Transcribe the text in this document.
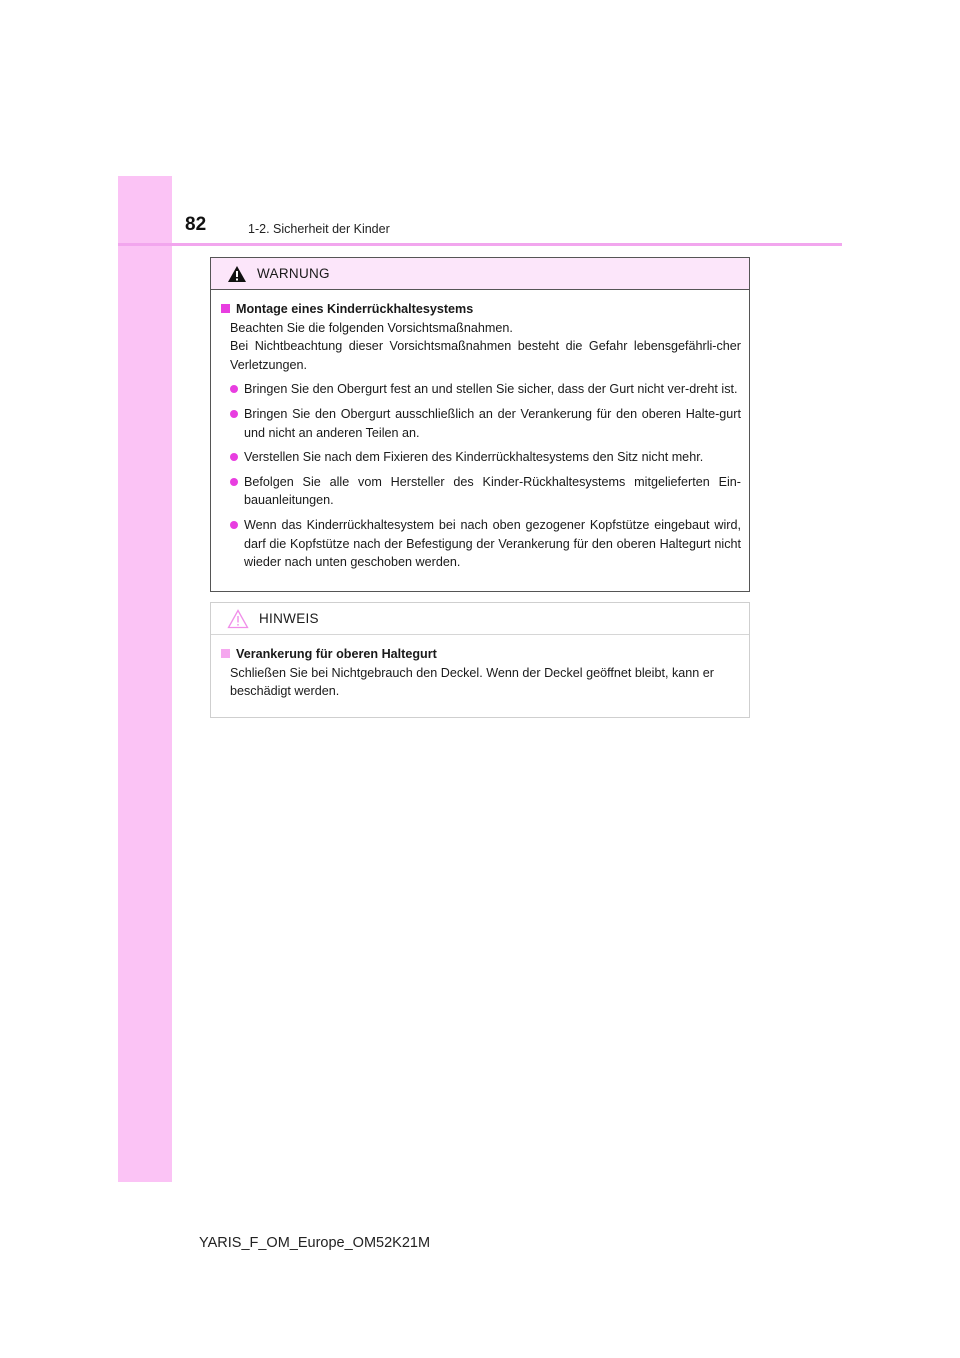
82	1-2. Sicherheit der Kinder
WARNUNG
Montage eines Kinderrückhaltesystems
Beachten Sie die folgenden Vorsichtsmaßnahmen.
Bei Nichtbeachtung dieser Vorsichtsmaßnahmen besteht die Gefahr lebensgefährli-cher Verletzungen.
Bringen Sie den Obergurt fest an und stellen Sie sicher, dass der Gurt nicht ver-dreht ist.
Bringen Sie den Obergurt ausschließlich an der Verankerung für den oberen Halte-gurt und nicht an anderen Teilen an.
Verstellen Sie nach dem Fixieren des Kinderrückhaltesystems den Sitz nicht mehr.
Befolgen Sie alle vom Hersteller des Kinder-Rückhaltesystems mitgelieferten Ein-bauanleitungen.
Wenn das Kinderrückhaltesystem bei nach oben gezogener Kopfstütze eingebaut wird, darf die Kopfstütze nach der Befestigung der Verankerung für den oberen Haltegurt nicht wieder nach unten geschoben werden.
HINWEIS
Verankerung für oberen Haltegurt
Schließen Sie bei Nichtgebrauch den Deckel. Wenn der Deckel geöffnet bleibt, kann er beschädigt werden.
YARIS_F_OM_Europe_OM52K21M
